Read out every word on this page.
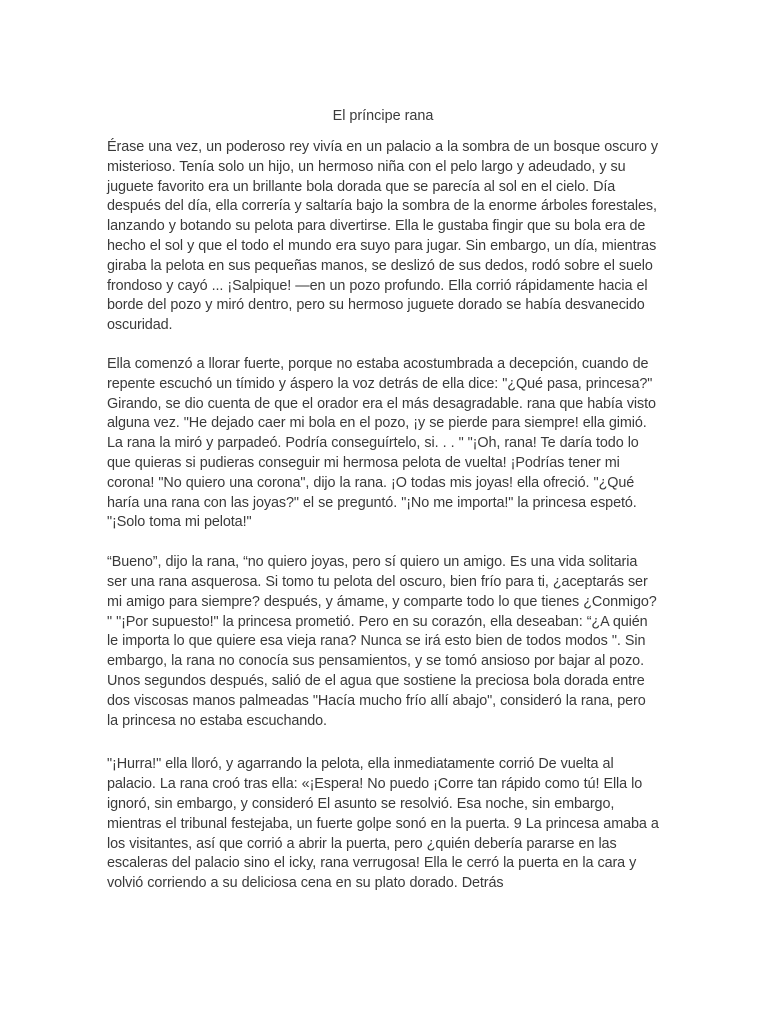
El príncipe rana

Érase una vez, un poderoso rey vivía en un palacio a la sombra de un bosque oscuro y misterioso. Tenía solo un hijo, un hermoso niña con el pelo largo y adeudado, y su juguete favorito era un brillante bola dorada que se parecía al sol en el cielo. Día después del día, ella correría y saltaría bajo la sombra de la enorme árboles forestales, lanzando y botando su pelota para divertirse. Ella le gustaba fingir que su bola era de hecho el sol y que el todo el mundo era suyo para jugar. Sin embargo, un día, mientras giraba la pelota en sus pequeñas manos, se deslizó de sus dedos, rodó sobre el suelo frondoso y cayó ... ¡Salpique! —en un pozo profundo. Ella corrió rápidamente hacia el borde del pozo y miró dentro, pero su hermoso juguete dorado se había desvanecido oscuridad.

Ella comenzó a llorar fuerte, porque no estaba acostumbrada a decepción, cuando de repente escuchó un tímido y áspero la voz detrás de ella dice: "¿Qué pasa, princesa?" Girando, se dio cuenta de que el orador era el más desagradable. rana que había visto alguna vez. "He dejado caer mi bola en el pozo, ¡y se pierde para siempre! ella gimió. La rana la miró y parpadeó. Podría conseguírtelo, si. . . " "¡Oh, rana! Te daría todo lo que quieras si pudieras conseguir mi hermosa pelota de vuelta! ¡Podrías tener mi corona! "No quiero una corona", dijo la rana. ¡O todas mis joyas! ella ofreció. "¿Qué haría una rana con las joyas?" el se preguntó. "¡No me importa!" la princesa espetó. "¡Solo toma mi pelota!"

“Bueno”, dijo la rana, “no quiero joyas, pero sí quiero un amigo. Es una vida solitaria ser una rana asquerosa. Si tomo tu pelota del oscuro, bien frío para ti, ¿aceptarás ser mi amigo para siempre? después, y ámame, y comparte todo lo que tienes ¿Conmigo? " "¡Por supuesto!" la princesa prometió. Pero en su corazón, ella deseaban: “¿A quién le importa lo que quiere esa vieja rana? Nunca se irá esto bien de todos modos ". Sin embargo, la rana no conocía sus pensamientos, y se tomó ansioso por bajar al pozo. Unos segundos después, salió de el agua que sostiene la preciosa bola dorada entre dos viscosas manos palmeadas "Hacía mucho frío allí abajo", consideró la rana, pero la princesa no estaba escuchando.

"¡Hurra!" ella lloró, y agarrando la pelota, ella inmediatamente corrió De vuelta al palacio. La rana croó tras ella: «¡Espera! No puedo ¡Corre tan rápido como tú! Ella lo ignoró, sin embargo, y consideró El asunto se resolvió. Esa noche, sin embargo, mientras el tribunal festejaba, un fuerte golpe sonó en la puerta. 9 La princesa amaba a los visitantes, así que corrió a abrir la puerta, pero ¿quién debería pararse en las escaleras del palacio sino el icky, rana verrugosa! Ella le cerró la puerta en la cara y volvió corriendo a su deliciosa cena en su plato dorado. Detrás
